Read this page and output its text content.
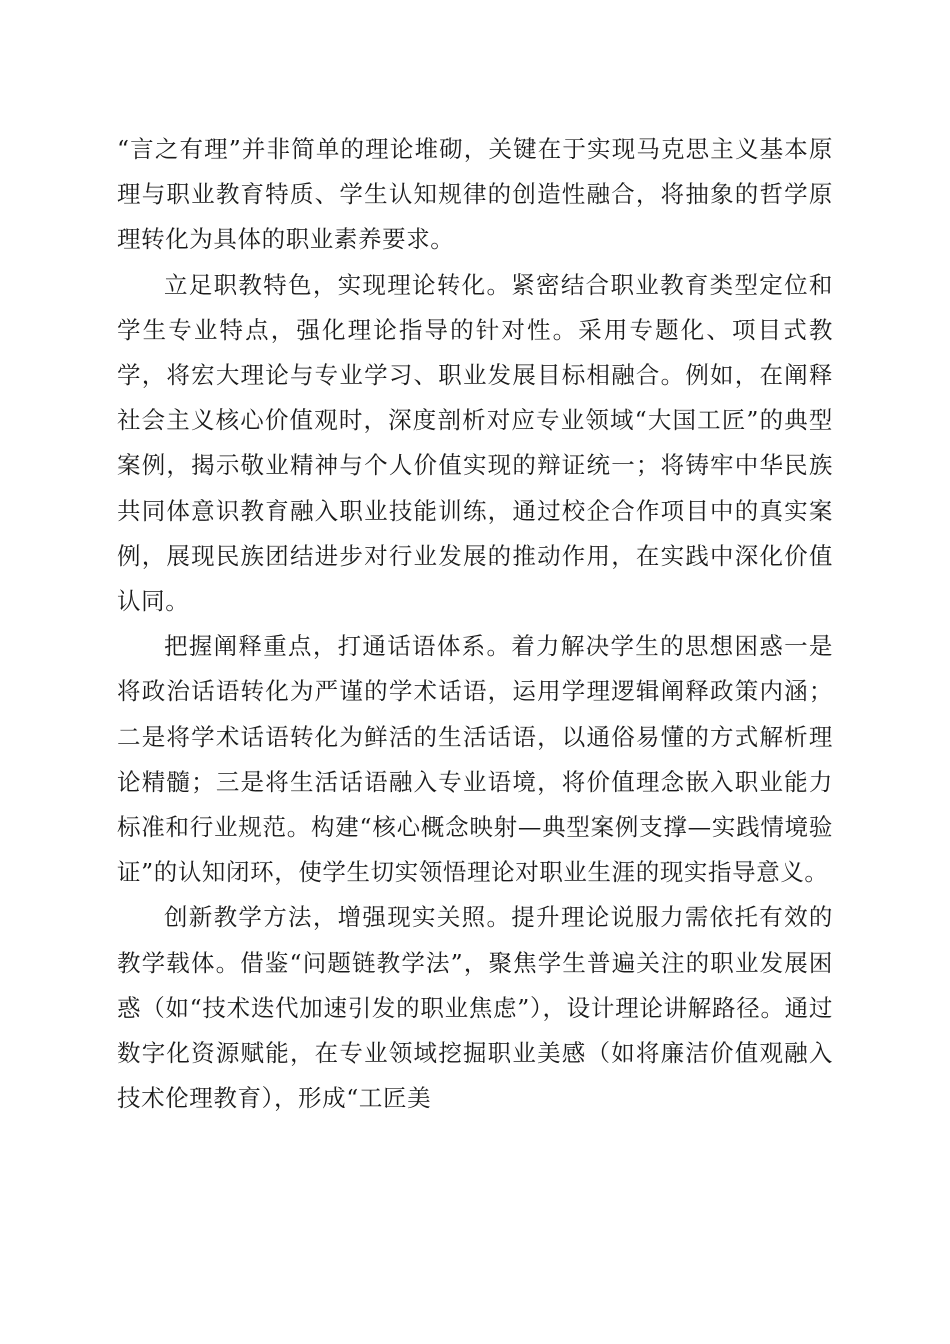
“言之有理”并非简单的理论堆砌，关键在于实现马克思主义基本原理与职业教育特质、学生认知规律的创造性融合，将抽象的哲学原理转化为具体的职业素养要求。

立足职教特色，实现理论转化。紧密结合职业教育类型定位和学生专业特点，强化理论指导的针对性。采用专题化、项目式教学，将宏大理论与专业学习、职业发展目标相融合。例如，在阐释社会主义核心价值观时，深度剖析对应专业领域“大国工匠”的典型案例，揭示敬业精神与个人价值实现的辩证统一；将铸牢中华民族共同体意识教育融入职业技能训练，通过校企合作项目中的真实案例，展现民族团结进步对行业发展的推动作用，在实践中深化价值认同。

把握阐释重点，打通话语体系。着力解决学生的思想困惑一是将政治话语转化为严谨的学术话语，运用学理逻辑阐释政策内涵；二是将学术话语转化为鲜活的生活话语，以通俗易懂的方式解析理论精髓；三是将生活话语融入专业语境，将价值理念嵌入职业能力标准和行业规范。构建“核心概念映射—典型案例支撑—实践情境验证”的认知闭环，使学生切实领悟理论对职业生涯的现实指导意义。

创新教学方法，增强现实关照。提升理论说服力需依托有效的教学载体。借鉴“问题链教学法”，聚焦学生普遍关注的职业发展困惑（如“技术迭代加速引发的职业焦虑”），设计理论讲解路径。通过数字化资源赋能，在专业领域挖掘职业美感（如将廉洁价值观融入技术伦理教育），形成“工匠美
